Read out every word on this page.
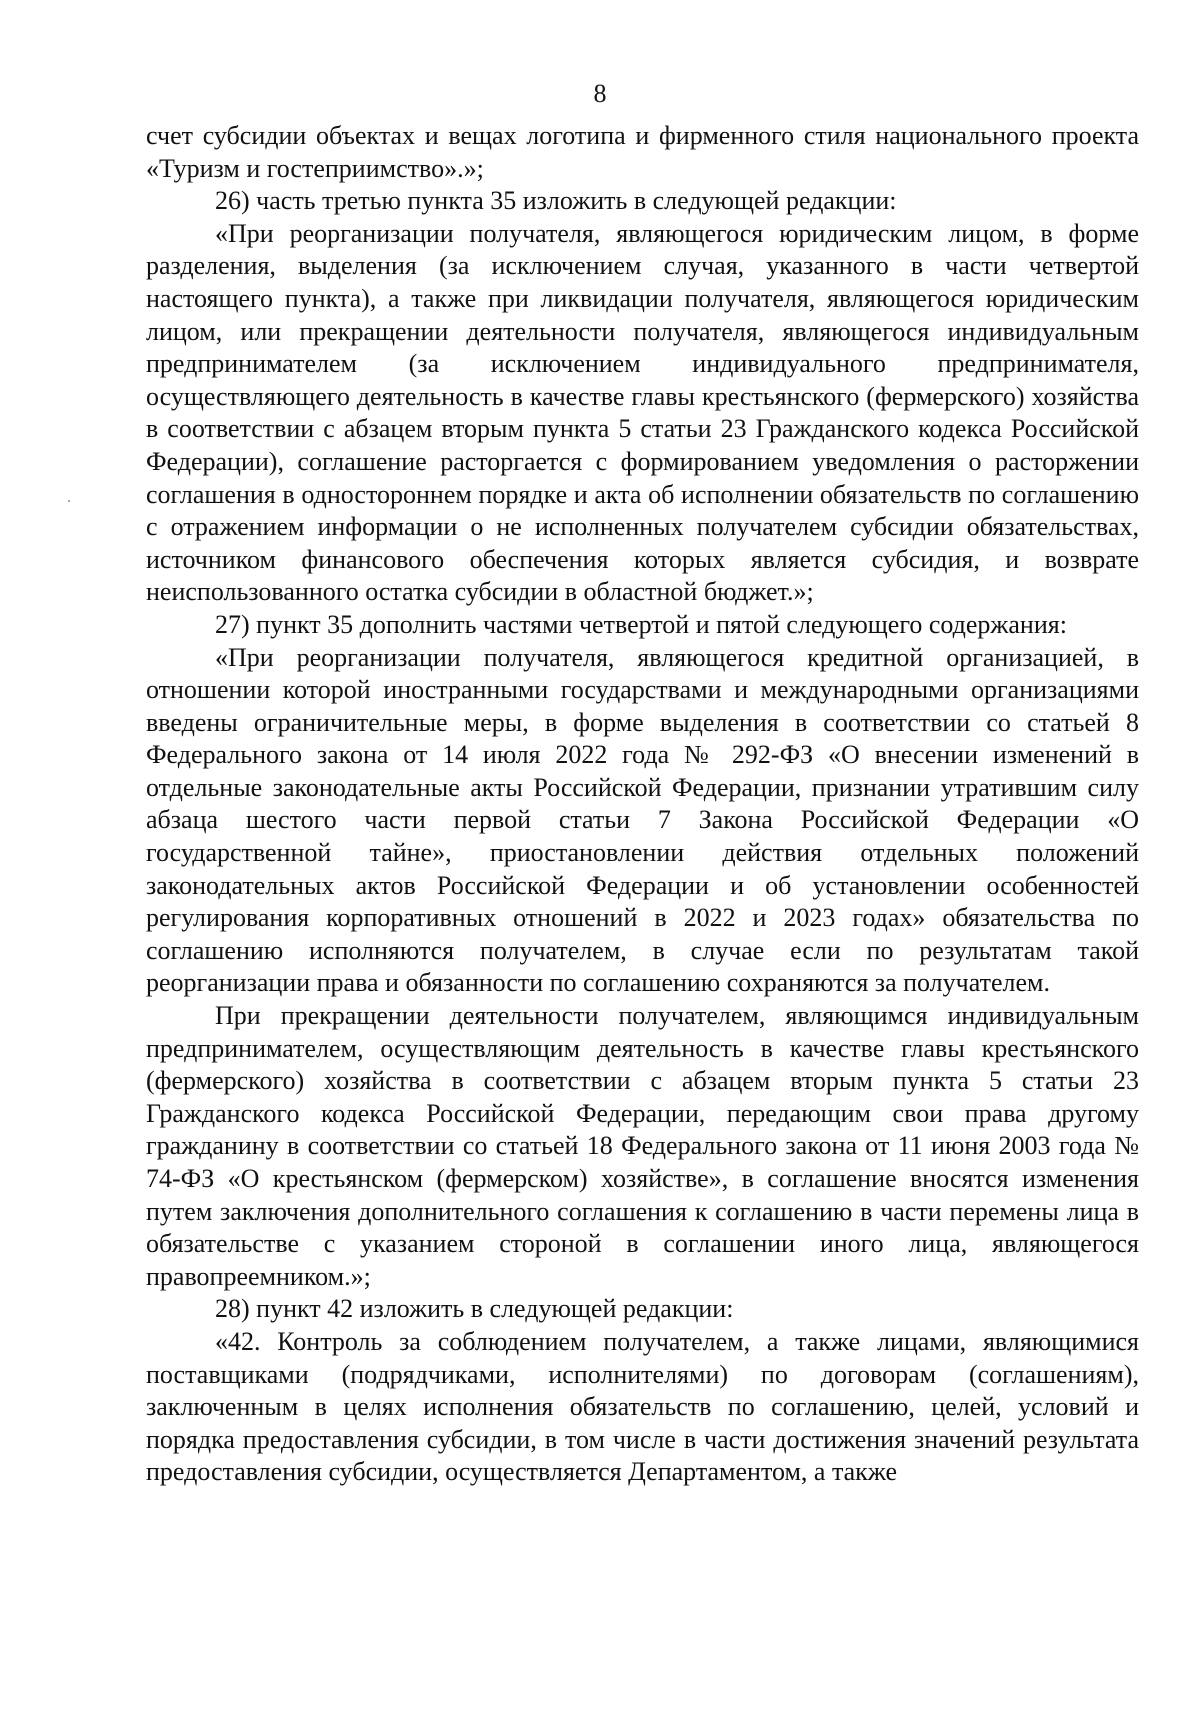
8

счет субсидии объектах и вещах логотипа и фирменного стиля национального проекта «Туризм и гостеприимство».»;

26) часть третью пункта 35 изложить в следующей редакции:

«При реорганизации получателя, являющегося юридическим лицом, в форме разделения, выделения (за исключением случая, указанного в части четвертой настоящего пункта), а также при ликвидации получателя, являющегося юридическим лицом, или прекращении деятельности получателя, являющегося индивидуальным предпринимателем (за исключением индивидуального предпринимателя, осуществляющего деятельность в качестве главы крестьянского (фермерского) хозяйства в соответствии с абзацем вторым пункта 5 статьи 23 Гражданского кодекса Российской Федерации), соглашение расторгается с формированием уведомления о расторжении соглашения в одностороннем порядке и акта об исполнении обязательств по соглашению с отражением информации о не исполненных получателем субсидии обязательствах, источником финансового обеспечения которых является субсидия, и возврате неиспользованного остатка субсидии в областной бюджет.»;

27) пункт 35 дополнить частями четвертой и пятой следующего содержания:

«При реорганизации получателя, являющегося кредитной организацией, в отношении которой иностранными государствами и международными организациями введены ограничительные меры, в форме выделения в соответствии со статьей 8 Федерального закона от 14 июля 2022 года № 292-ФЗ «О внесении изменений в отдельные законодательные акты Российской Федерации, признании утратившим силу абзаца шестого части первой статьи 7 Закона Российской Федерации «О государственной тайне», приостановлении действия отдельных положений законодательных актов Российской Федерации и об установлении особенностей регулирования корпоративных отношений в 2022 и 2023 годах» обязательства по соглашению исполняются получателем, в случае если по результатам такой реорганизации права и обязанности по соглашению сохраняются за получателем.

При прекращении деятельности получателем, являющимся индивидуальным предпринимателем, осуществляющим деятельность в качестве главы крестьянского (фермерского) хозяйства в соответствии с абзацем вторым пункта 5 статьи 23 Гражданского кодекса Российской Федерации, передающим свои права другому гражданину в соответствии со статьей 18 Федерального закона от 11 июня 2003 года № 74-ФЗ «О крестьянском (фермерском) хозяйстве», в соглашение вносятся изменения путем заключения дополнительного соглашения к соглашению в части перемены лица в обязательстве с указанием стороной в соглашении иного лица, являющегося правопреемником.»;

28) пункт 42 изложить в следующей редакции:

«42. Контроль за соблюдением получателем, а также лицами, являющимися поставщиками (подрядчиками, исполнителями) по договорам (соглашениям), заключенным в целях исполнения обязательств по соглашению, целей, условий и порядка предоставления субсидии, в том числе в части достижения значений результата предоставления субсидии, осуществляется Департаментом, а также
